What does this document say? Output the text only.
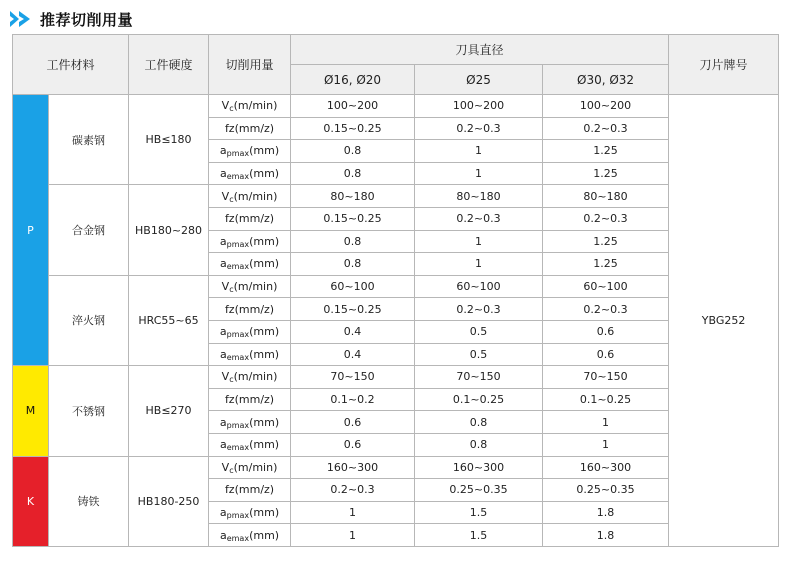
推荐切削用量
工件材料		工件硬度	切削用量	刀具直径			刀片牌号
				Ø16, Ø20	Ø25	Ø30, Ø32	
P	碳素钢	HB≤180	$V_c(m/\min)$	100~200	100~200	100~200	YBG252
			fz(mm/z)	0.15~0.25	0.2~0.3	0.2~0.3	
			$a_{pmax}(mm)$	0.8	1	1.25	
			$a_{emax}(mm)$	0.8	1	1.25	
	合金钢	HB180~280	$V_c(m/\min)$	80~180	80~180	80~180	
			fz(mm/z)	0.15~0.25	0.2~0.3	0.2~0.3	
			$a_{pmax}(mm)$	0.8	1	1.25	
			$a_{emax}(mm)$	0.8	1	1.25	
	淬火钢	HRC55~65	$V_c(m/\min)$	60~100	60~100	60~100	
			fz(mm/z)	0.15~0.25	0.2~0.3	0.2~0.3	
			$a_{pmax}(mm)$	0.4	0.5	0.6	
			$a_{emax}(mm)$	0.4	0.5	0.6	
M	不锈钢	HB≤270	$V_c(m/\min)$	70~150	70~150	70~150	
			fz(mm/z)	0.1~0.2	0.1~0.25	0.1~0.25	
			$a_{pmax}(mm)$	0.6	0.8	1	
			$a_{emax}(mm)$	0.6	0.8	1	
K	铸铁	HB180-250	$V_c(m/\min)$	160~300	160~300	160~300	
			fz(mm/z)	0.2~0.3	0.25~0.35	0.25~0.35	
			$a_{pmax}(mm)$	1	1.5	1.8	
			$a_{emax}(mm)$	1	1.5	1.8	
